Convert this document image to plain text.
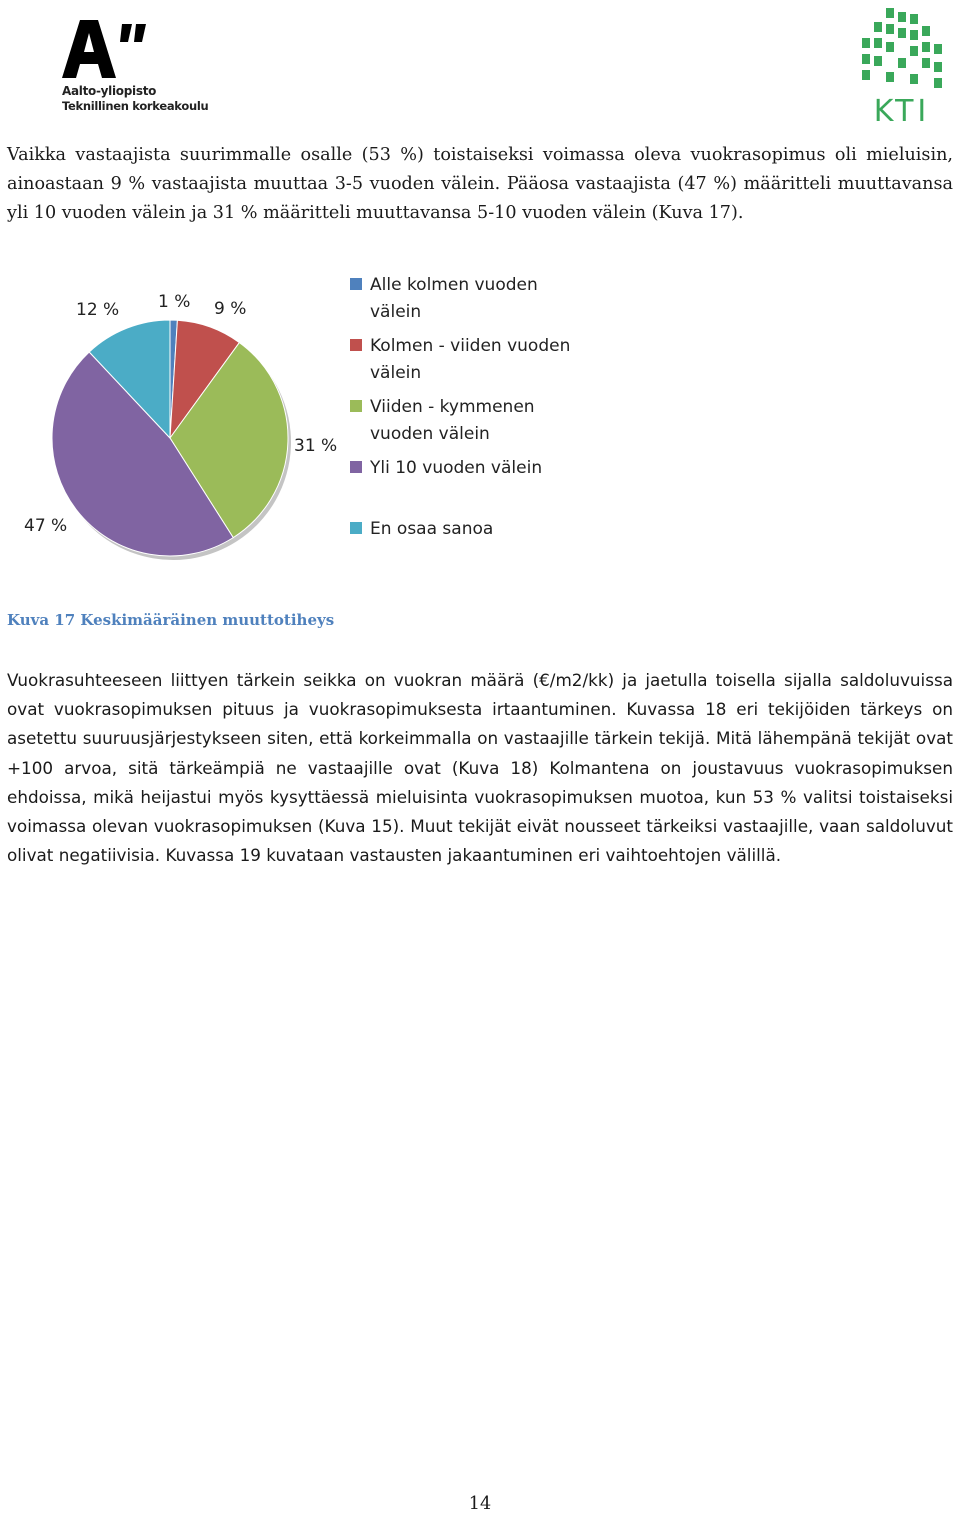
Aalto-yliopisto
Teknillinen korkeakoulu	KTI

Vaikka vastaajista suurimmalle osalle (53 %) toistaiseksi voimassa oleva vuokrasopimus oli mieluisin, ainoastaan 9 % vastaajista muuttaa 3-5 vuoden välein. Pääosa vastaajista (47 %) määritteli muuttavansa yli 10 vuoden välein ja 31 % määritteli muuttavansa 5-10 vuoden välein (Kuva 17).

1 % 9 %
31 %
47 %
12 %
Alle kolmen vuoden välein
Kolmen - viiden vuoden välein
Viiden - kymmenen vuoden välein
Yli 10 vuoden välein
En osaa sanoa
Kuva 17 Keskimääräinen muuttotiheys

Vuokrasuhteeseen liittyen tärkein seikka on vuokran määrä (€/m2/kk) ja jaetulla toisella sijalla saldoluvuissa ovat vuokrasopimuksen pituus ja vuokrasopimuksesta irtaantuminen. Kuvassa 18 eri tekijöiden tärkeys on asetettu suuruusjärjestykseen siten, että korkeimmalla on vastaajille tärkein tekijä. Mitä lähempänä tekijät ovat +100 arvoa, sitä tärkeämpiä ne vastaajille ovat (Kuva 18) Kolmantena on joustavuus vuokrasopimuksen ehdoissa, mikä heijastui myös kysyttäessä mieluisinta vuokrasopimuksen muotoa, kun 53 % valitsi toistaiseksi voimassa olevan vuokrasopimuksen (Kuva 15). Muut tekijät eivät nousseet tärkeiksi vastaajille, vaan saldoluvut olivat negatiivisia. Kuvassa 19 kuvataan vastausten jakaantuminen eri vaihtoehtojen välillä.

14
